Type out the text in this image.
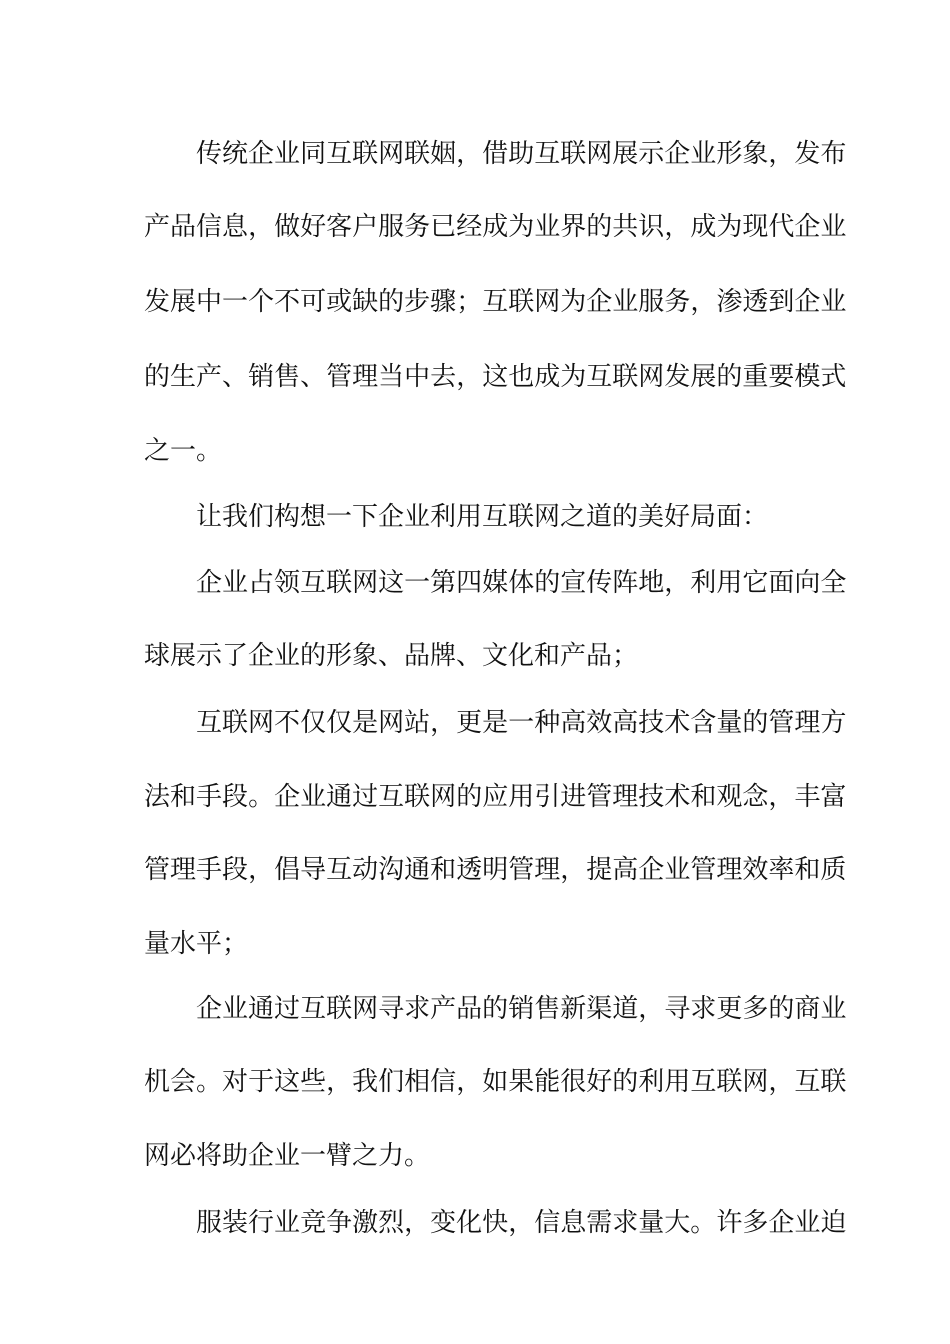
传 统 企 业 同 互 联 网 联 姻 ， 借 助 互 联 网 展 示 企 业 形 象 ， 发 布
产 品 信 息 ， 做 好 客 户 服 务 已 经 成 为 业 界 的 共 识 ， 成 为 现 代 企 业
发 展 中 一 个 不 可 或 缺 的 步 骤 ； 互 联 网 为 企 业 服 务 ， 渗 透 到 企 业
的 生 产 、 销 售 、 管 理 当 中 去 ， 这 也 成 为 互 联 网 发 展 的 重 要 模 式
之一。
让我们构想一下企业利用互联网之道的美好局面：
企 业 占 领 互 联 网 这 一 第 四 媒 体 的 宣 传 阵 地 ， 利 用 它 面 向 全
球展示了企业的形象、品牌、文化和产品；
互 联 网 不 仅 仅 是 网 站 ， 更 是 一 种 高 效 高 技 术 含 量 的 管 理 方
法 和 手 段 。 企 业 通 过 互 联 网 的 应 用 引 进 管 理 技 术 和 观 念 ， 丰 富
管 理 手 段 ， 倡 导 互 动 沟 通 和 透 明 管 理 ， 提 高 企 业 管 理 效 率 和 质
量水平；
企 业 通 过 互 联 网 寻 求 产 品 的 销 售 新 渠 道 ， 寻 求 更 多 的 商 业
机 会 。 对 于 这 些 ， 我 们 相 信 ， 如 果 能 很 好 的 利 用 互 联 网 ， 互 联
网必将助企业一臂之力。
服 装 行 业 竞 争 激 烈 ， 变 化 快 ， 信 息 需 求 量 大 。 许 多 企 业 迫
